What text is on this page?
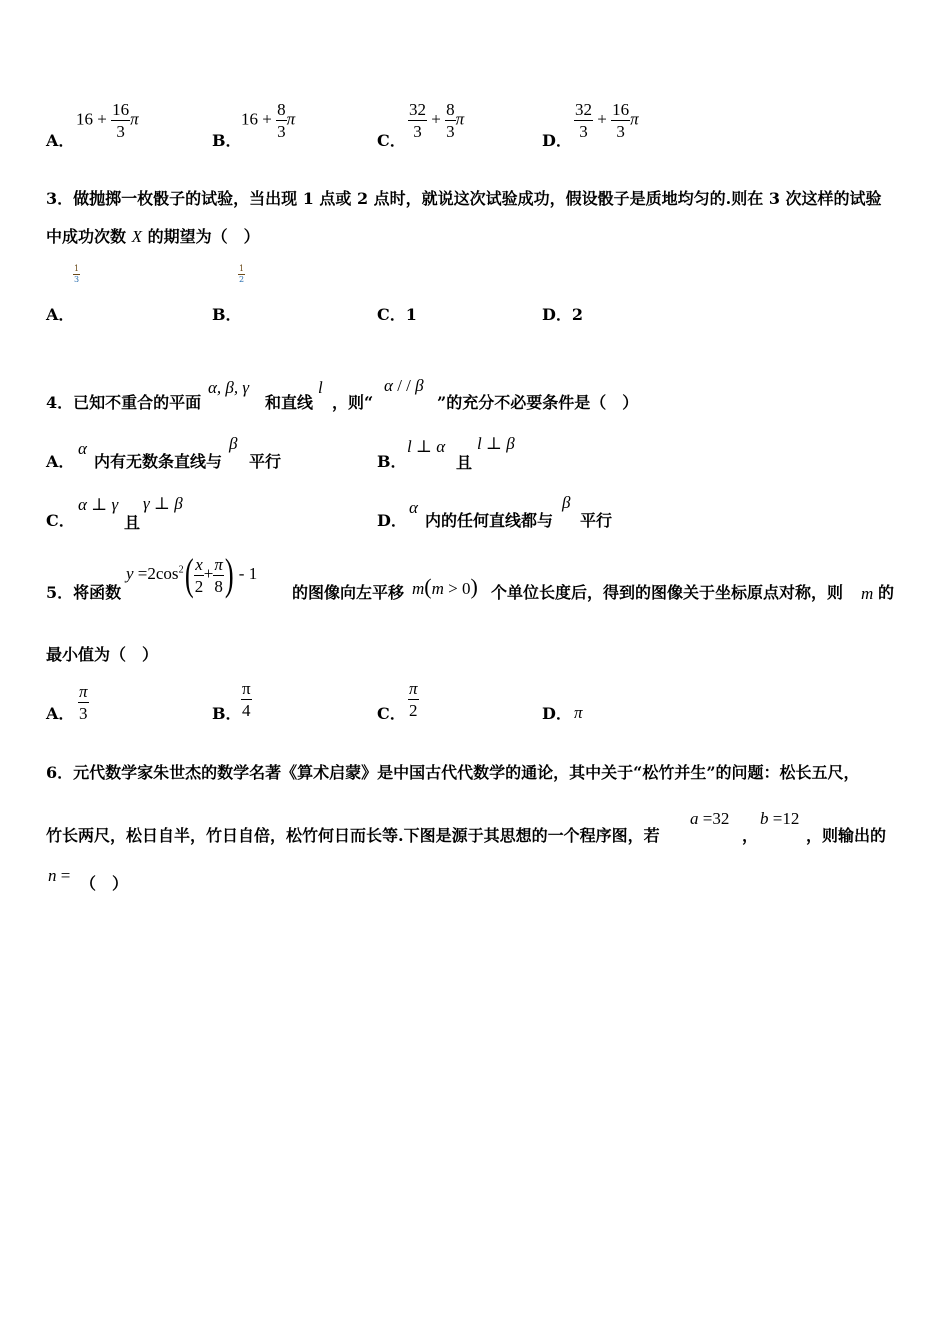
A．
$16 + \frac{16}{3}$ π
B．
$16 + \frac{8}{3}$ π
C．
$\frac{32}{3} + \frac{8}{3}$ π
D．
$\frac{32}{3} + \frac{16}{3}$ π
3．做抛掷一枚骰子的试验，当出现 1 点或 2 点时，就说这次试验成功，假设骰子是质地均匀的.则在 3 次这样的试验
中成功次数 X 的期望为（　）
$\frac{1}{3}$
A．
$\frac{1}{2}$
B．	C．1	D．2
4．已知不重合的平面
α, β, γ
和直线
l
，则“
α / / β
”的充分不必要条件是（　）
A．
α
内有无数条直线与
β
平行	B．
l ⊥ α
且
l ⊥ β
C．
α ⊥ γ
且
γ ⊥ β
D．
α
内的任何直线都与
β
平行
5．将函数
$y =2\cos^2( \frac{x}{2} + \frac{\pi}{8}$ ) - 1
的图像向左平移 m(m > 0) 个单位长度后，得到的图像关于坐标原点对称，则 m 的
最小值为（　）
A． $\frac{\pi}{3}$	B． $\frac{\pi}{4}$	C． $\frac{\pi}{2}$	D． π
6．元代数学家朱世杰的数学名著《算术启蒙》是中国古代代数学的通论，其中关于“松竹并生”的问题：松长五尺，
竹长两尺，松日自半，竹日自倍，松竹何日而长等.下图是源于其思想的一个程序图，若
a =32
，
b =12
，则输出的
n = （　）
